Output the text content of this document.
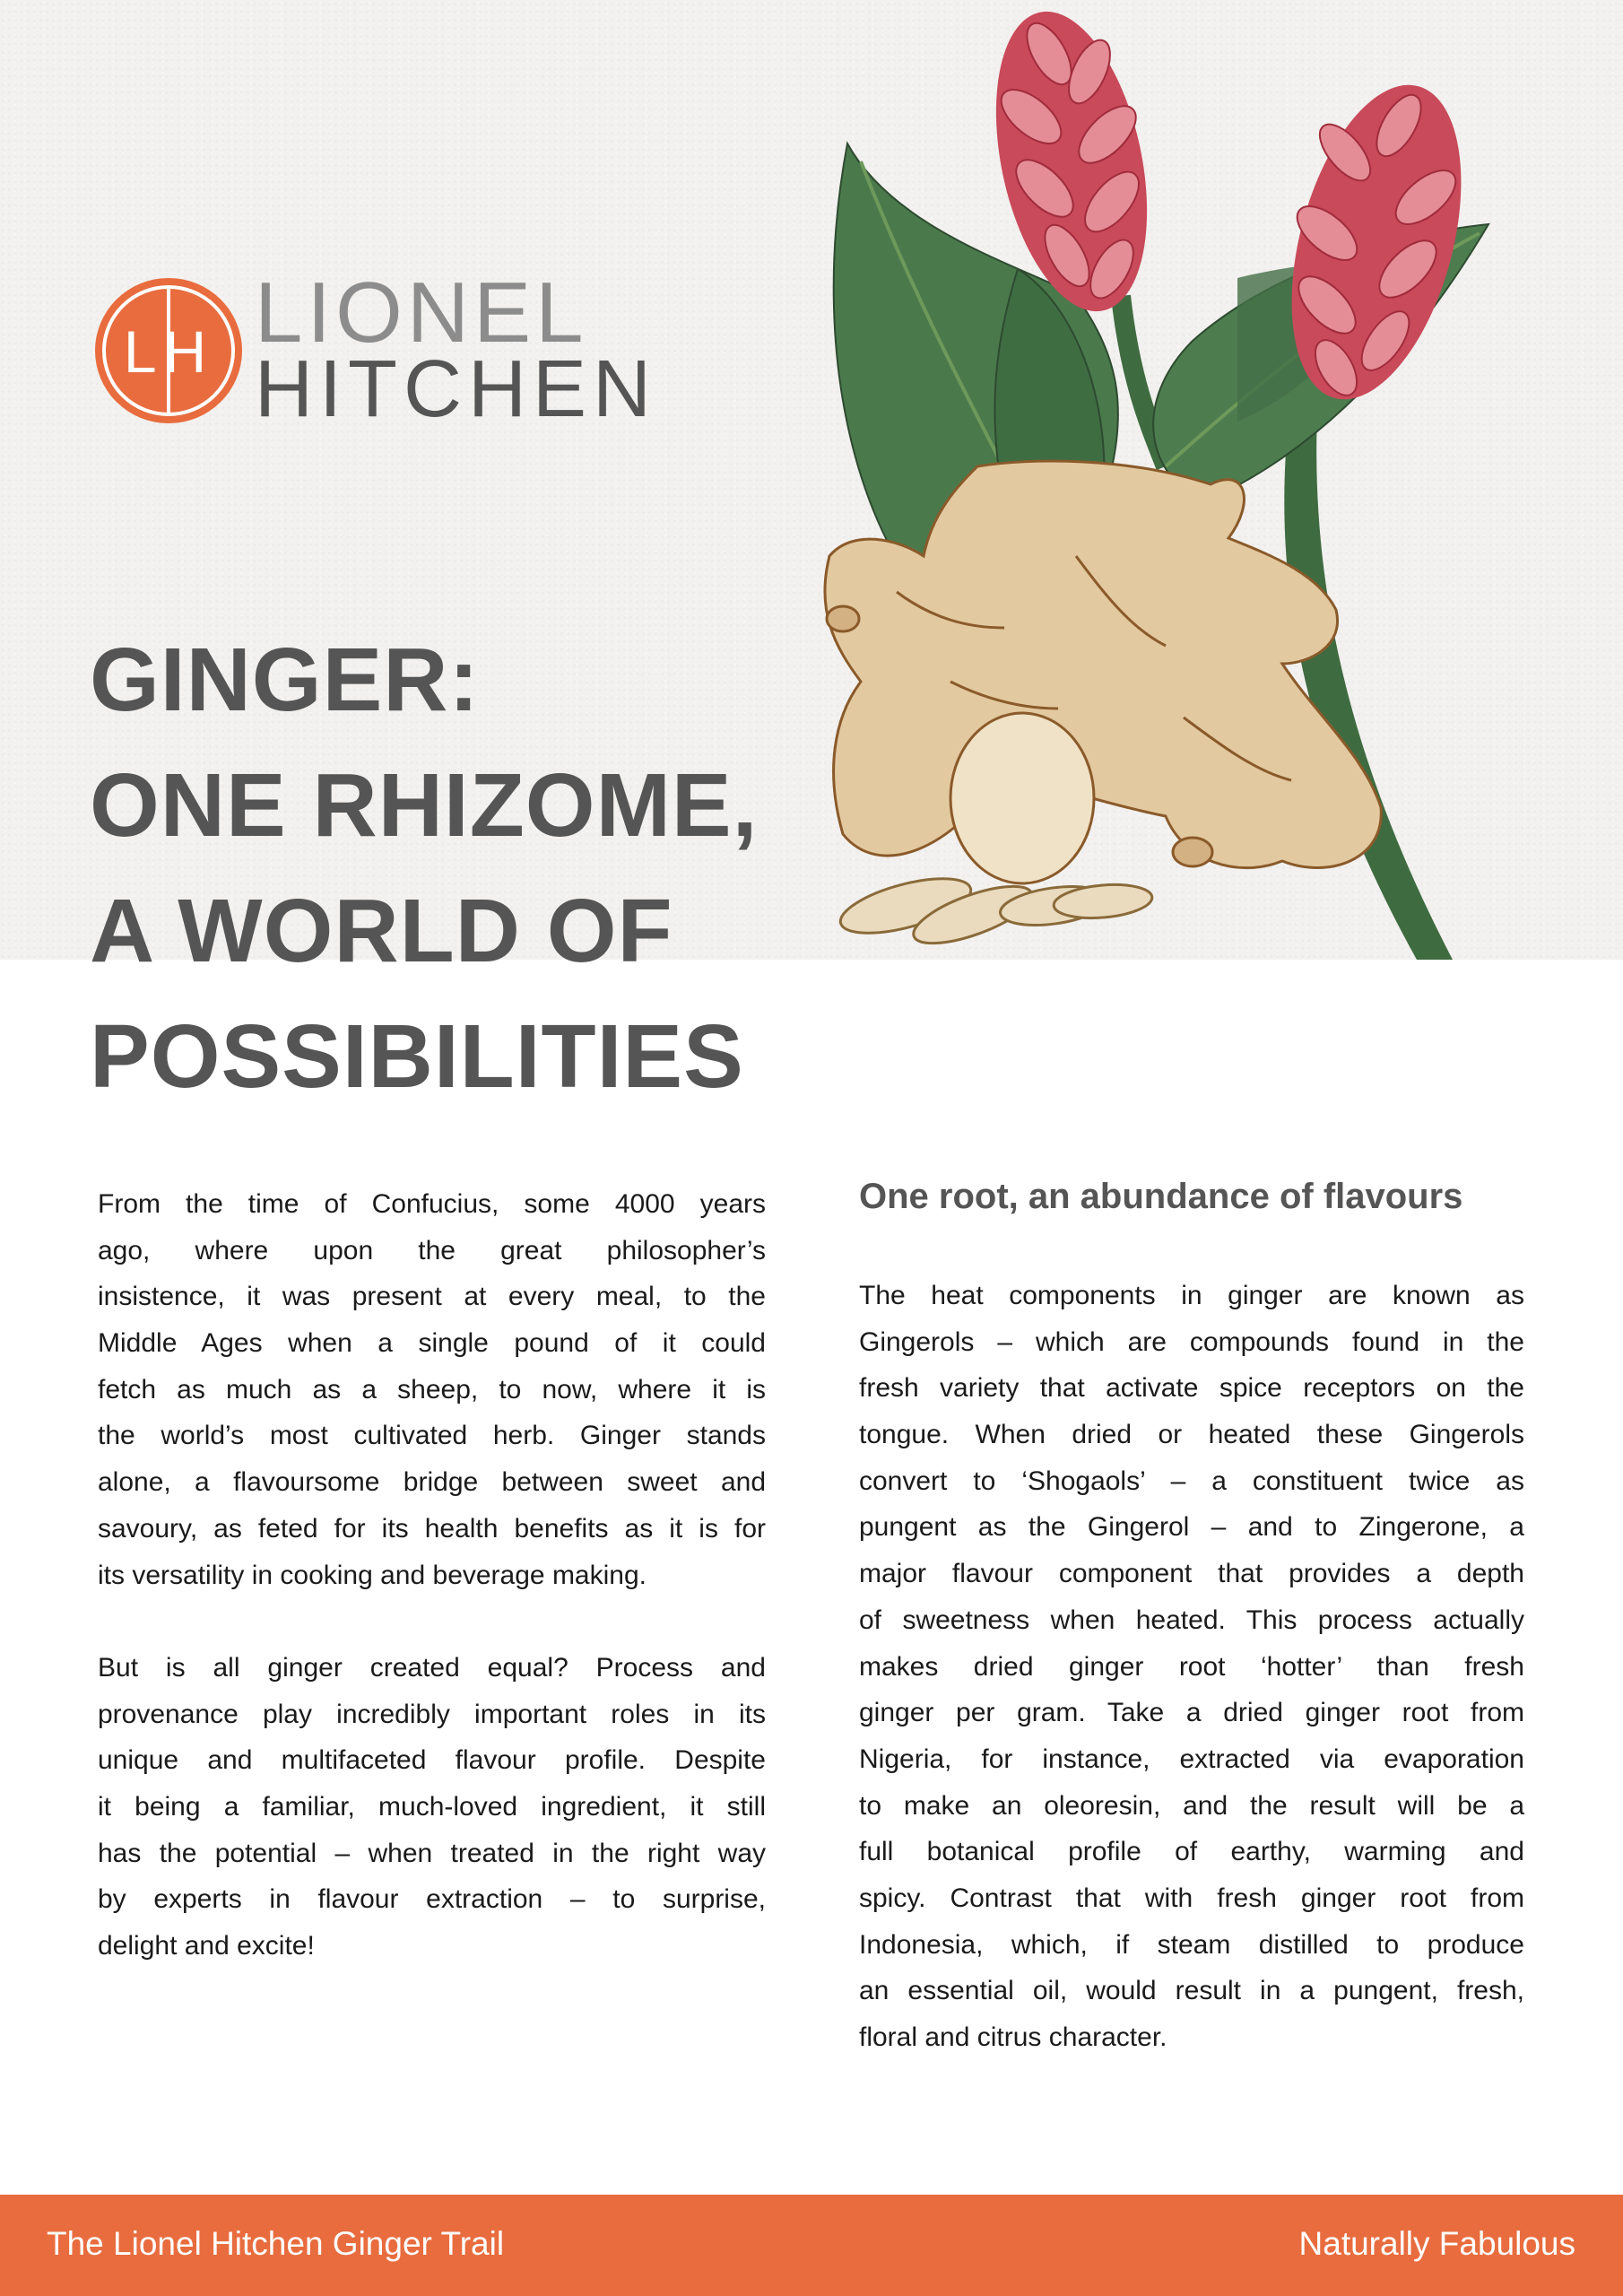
LH LIONEL
HITCHEN
GINGER:
ONE RHIZOME,
A WORLD OF
POSSIBILITIES
From the time of Confucius, some 4000 years
ago, where upon the great philosopher’s
insistence, it was present at every meal, to the
Middle Ages when a single pound of it could
fetch as much as a sheep, to now, where it is
the world’s most cultivated herb. Ginger stands
alone, a flavoursome bridge between sweet and
savoury, as feted for its health benefits as it is for
its versatility in cooking and beverage making.
But is all ginger created equal? Process and
provenance play incredibly important roles in its
unique and multifaceted flavour profile. Despite
it being a familiar, much-loved ingredient, it still
has the potential – when treated in the right way
by experts in flavour extraction – to surprise,
delight and excite!
One root, an abundance of flavours
The heat components in ginger are known as
Gingerols – which are compounds found in the
fresh variety that activate spice receptors on the
tongue. When dried or heated these Gingerols
convert to ‘Shogaols’ – a constituent twice as
pungent as the Gingerol – and to Zingerone, a
major flavour component that provides a depth
of sweetness when heated. This process actually
makes dried ginger root ‘hotter’ than fresh
ginger per gram. Take a dried ginger root from
Nigeria, for instance, extracted via evaporation
to make an oleoresin, and the result will be a
full botanical profile of earthy, warming and
spicy. Contrast that with fresh ginger root from
Indonesia, which, if steam distilled to produce
an essential oil, would result in a pungent, fresh,
floral and citrus character.
The Lionel Hitchen Ginger Trail	Naturally Fabulous
